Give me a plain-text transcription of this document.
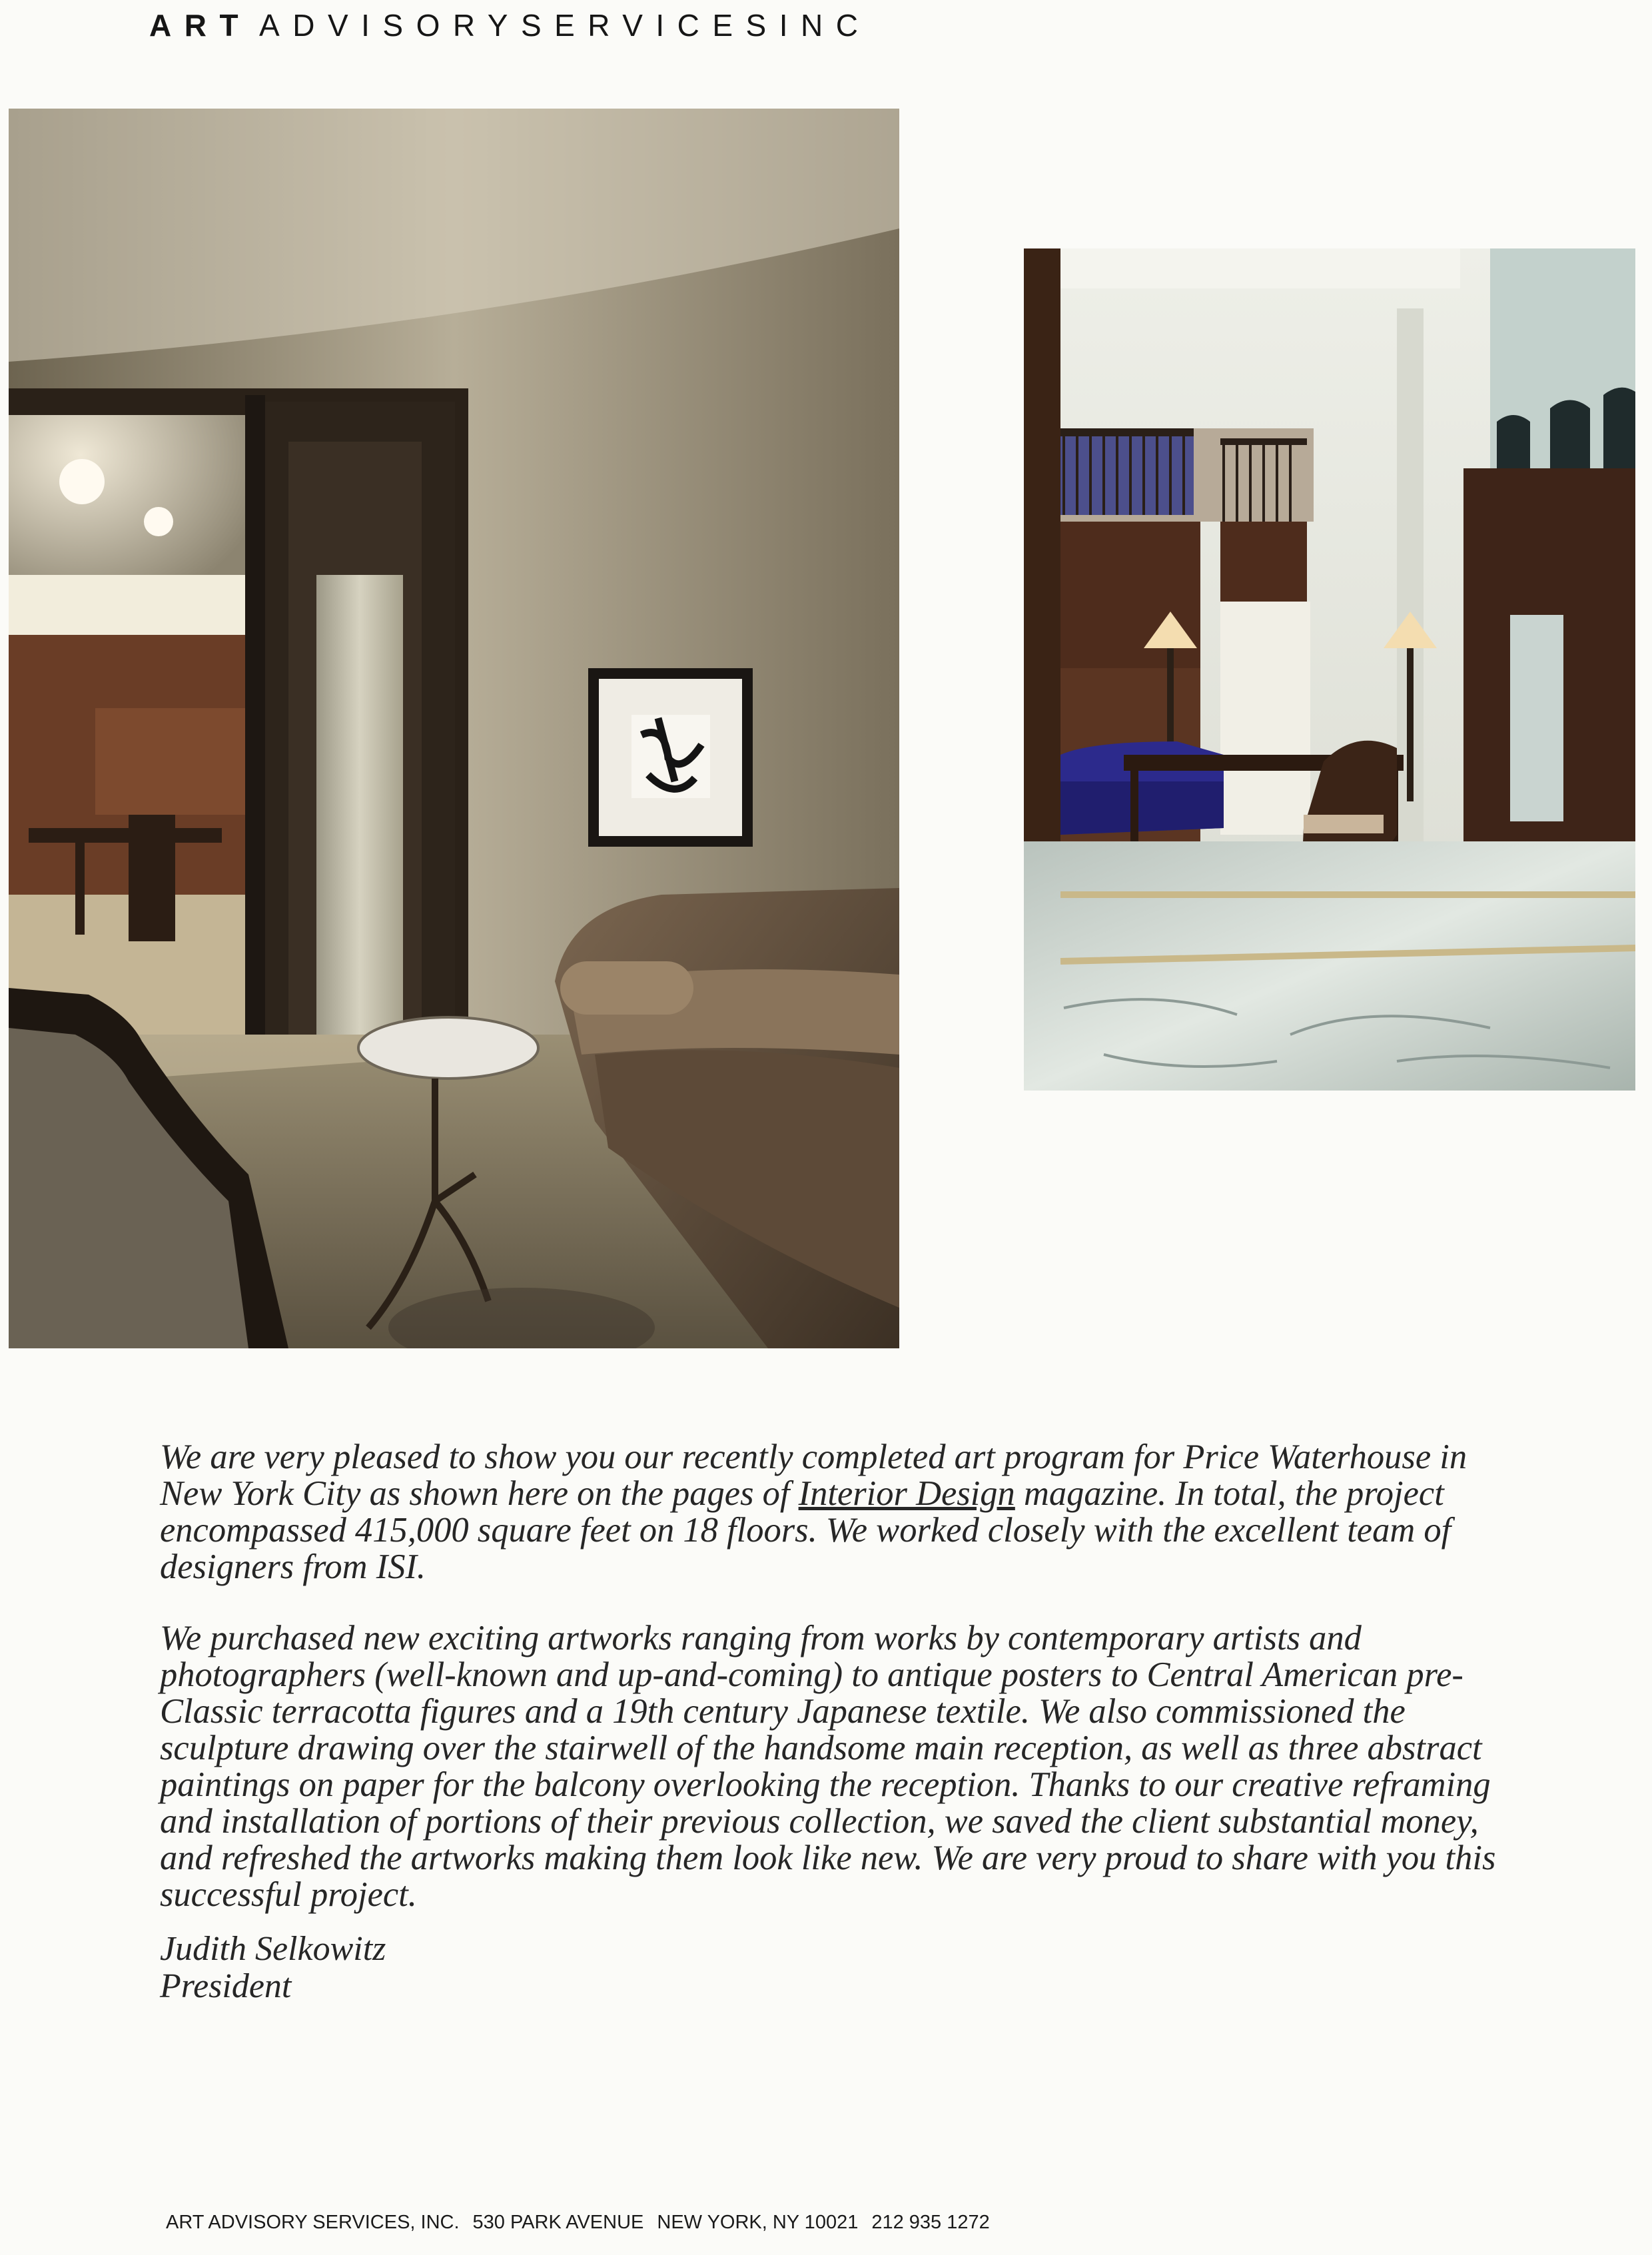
ART ADVISORYSERVICESINC

We are very pleased to show you our recently completed art program for Price Waterhouse in New York City as shown here on the pages of Interior Design magazine. In total, the project encompassed 415,000 square feet on 18 floors. We worked closely with the excellent team of designers from ISI.

We purchased new exciting artworks ranging from works by contemporary artists and photographers (well-known and up-and-coming) to antique posters to Central American pre-Classic terracotta figures and a 19th century Japanese textile. We also commissioned the sculpture drawing over the stairwell of the handsome main reception, as well as three abstract paintings on paper for the balcony overlooking the reception. Thanks to our creative reframing and installation of portions of their previous collection, we saved the client substantial money, and refreshed the artworks making them look like new. We are very proud to share with you this successful project.

Judith Selkowitz
President
ART ADVISORY SERVICES, INC. 530 PARK AVENUE NEW YORK, NY 10021 212 935 1272
